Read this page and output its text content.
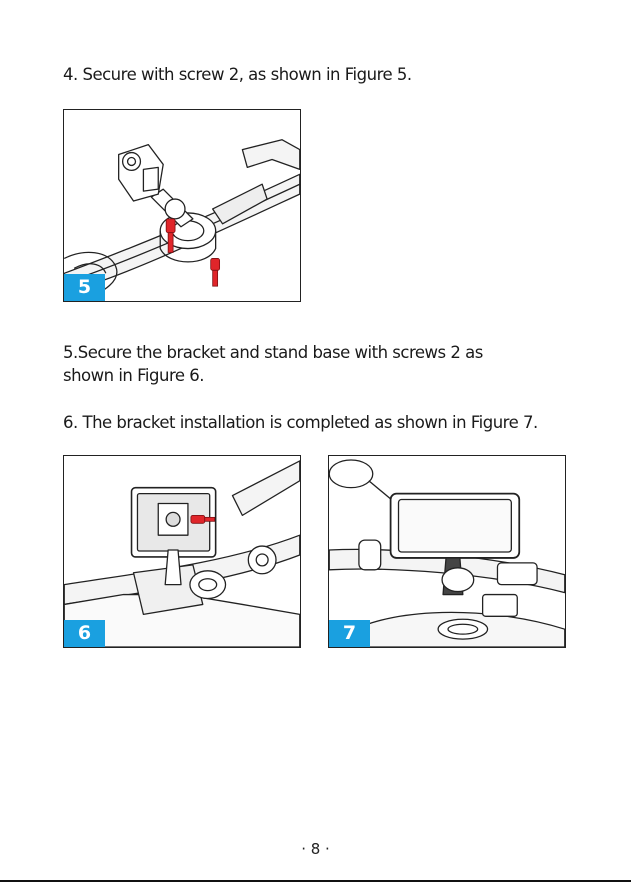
4. Secure with screw 2, as shown in Figure 5.

5

5.Secure the bracket and stand base with screws 2 as

shown in Figure 6.

6. The bracket installation is completed as shown in Figure 7.

6	7
· 8 ·
